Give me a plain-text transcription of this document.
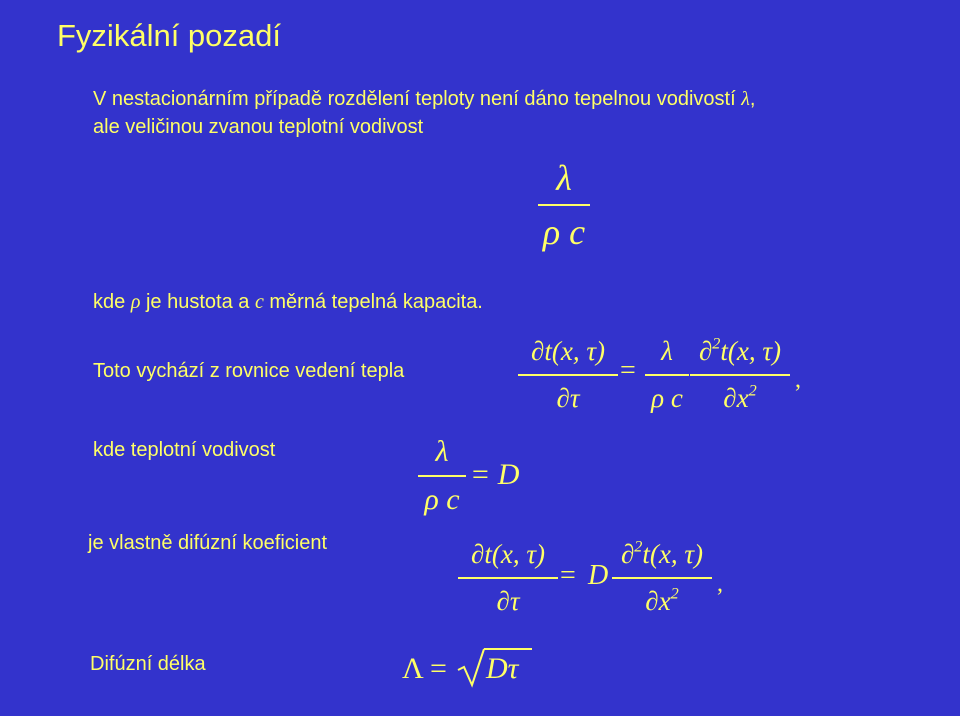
Fyzikální pozadí
V nestacionárním případě rozdělení teploty není dáno tepelnou vodivostí λ,
ale veličinou zvanou teplotní vodivost
λ
ρ c
kde ρ je hustota a c měrná tepelná kapacita.
Toto vychází z rovnice vedení tepla
∂t(x, τ)
∂τ
=
λ
ρ c
∂$^2$t(x, τ)
$\partial x^2$ ,
kde teplotní vodivost	λ
ρ c
= D
je vlastně difúzní koeficient	∂t(x, τ)
∂τ
= D
∂$^2$t(x, τ)
$\partial x^2$ ,
Difúzní délka	Λ = Dτ
